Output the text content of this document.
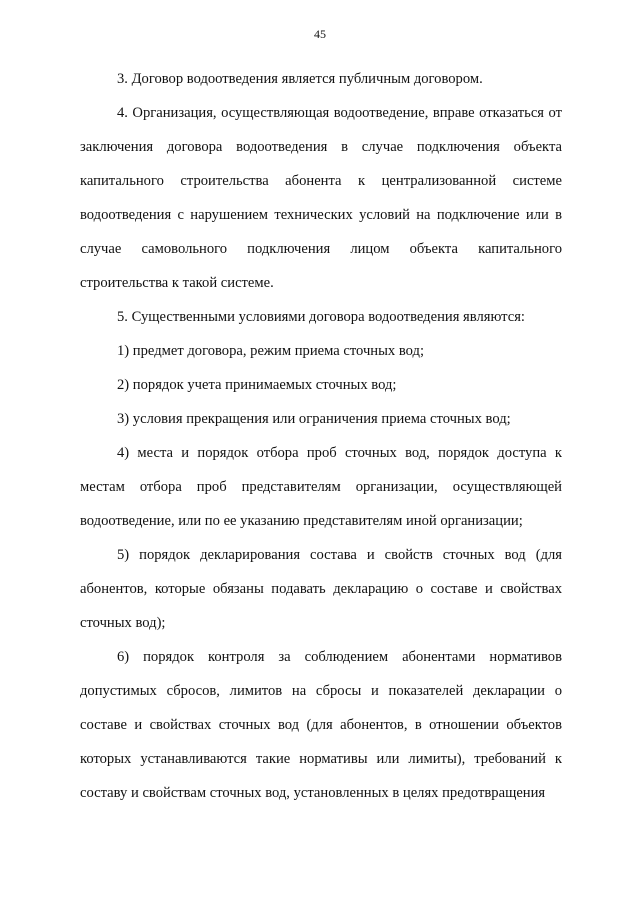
45

3. Договор водоотведения является публичным договором.

4. Организация, осуществляющая водоотведение, вправе отказаться от заключения договора водоотведения в случае подключения объекта капитального строительства абонента к централизованной системе водоотведения с нарушением технических условий на подключение или в случае самовольного подключения лицом объекта капитального строительства к такой системе.

5. Существенными условиями договора водоотведения являются:

1) предмет договора, режим приема сточных вод;

2) порядок учета принимаемых сточных вод;

3) условия прекращения или ограничения приема сточных вод;

4) места и порядок отбора проб сточных вод, порядок доступа к местам отбора проб представителям организации, осуществляющей водоотведение, или по ее указанию представителям иной организации;

5) порядок декларирования состава и свойств сточных вод (для абонентов, которые обязаны подавать декларацию о составе и свойствах сточных вод);

6) порядок контроля за соблюдением абонентами нормативов допустимых сбросов, лимитов на сбросы и показателей декларации о составе и свойствах сточных вод (для абонентов, в отношении объектов которых устанавливаются такие нормативы или лимиты), требований к составу и свойствам сточных вод, установленных в целях предотвращения
